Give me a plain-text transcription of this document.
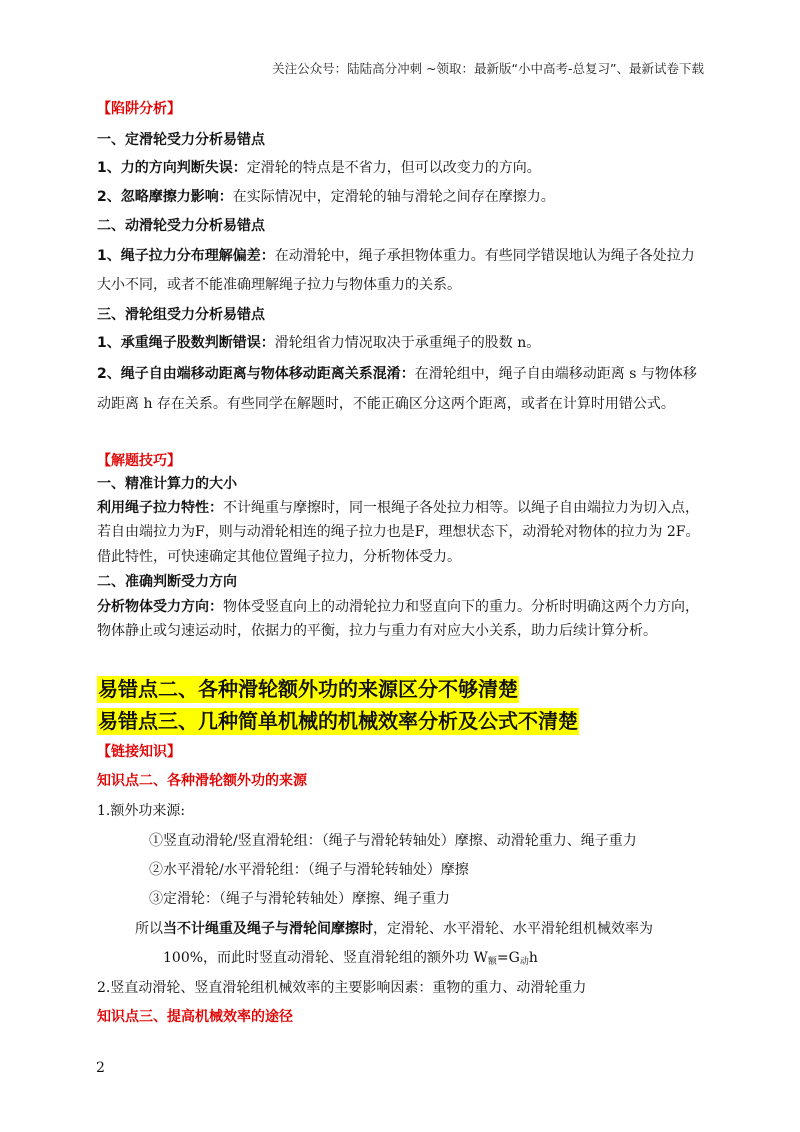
关注公众号：陆陆高分冲刺 ~领取：最新版“小中高考-总复习”、最新试卷下载
【陷阱分析】
一、定滑轮受力分析易错点
1、力的方向判断失误：定滑轮的特点是不省力，但可以改变力的方向。
2、忽略摩擦力影响：在实际情况中，定滑轮的轴与滑轮之间存在摩擦力。
二、动滑轮受力分析易错点
1、绳子拉力分布理解偏差：在动滑轮中，绳子承担物体重力。有些同学错误地认为绳子各处拉力
大小不同，或者不能准确理解绳子拉力与物体重力的关系。
三、滑轮组受力分析易错点
1、承重绳子股数判断错误：滑轮组省力情况取决于承重绳子的股数 n。
2、绳子自由端移动距离与物体移动距离关系混淆：在滑轮组中，绳子自由端移动距离 s 与物体移
动距离 h 存在关系。有些同学在解题时，不能正确区分这两个距离，或者在计算时用错公式。
【解题技巧】
一、精准计算力的大小
利用绳子拉力特性：不计绳重与摩擦时，同一根绳子各处拉力相等。以绳子自由端拉力为切入点，
若自由端拉力为F，则与动滑轮相连的绳子拉力也是F，理想状态下，动滑轮对物体的拉力为 2F。
借此特性，可快速确定其他位置绳子拉力，分析物体受力。
二、准确判断受力方向
分析物体受力方向：物体受竖直向上的动滑轮拉力和竖直向下的重力。分析时明确这两个力方向，
物体静止或匀速运动时，依据力的平衡，拉力与重力有对应大小关系，助力后续计算分析。
易错点二、各种滑轮额外功的来源区分不够清楚
易错点三、几种简单机械的机械效率分析及公式不清楚
【链接知识】
知识点二、各种滑轮额外功的来源
1.额外功来源:
①竖直动滑轮/竖直滑轮组：（绳子与滑轮转轴处）摩擦、动滑轮重力、绳子重力
②水平滑轮/水平滑轮组：（绳子与滑轮转轴处）摩擦
③定滑轮：（绳子与滑轮转轴处）摩擦、绳子重力
所以当不计绳重及绳子与滑轮间摩擦时，定滑轮、水平滑轮、水平滑轮组机械效率为
100%，而此时竖直动滑轮、竖直滑轮组的额外功 $W_额=G_动h$
2.竖直动滑轮、竖直滑轮组机械效率的主要影响因素：重物的重力、动滑轮重力
知识点三、提高机械效率的途径
2
